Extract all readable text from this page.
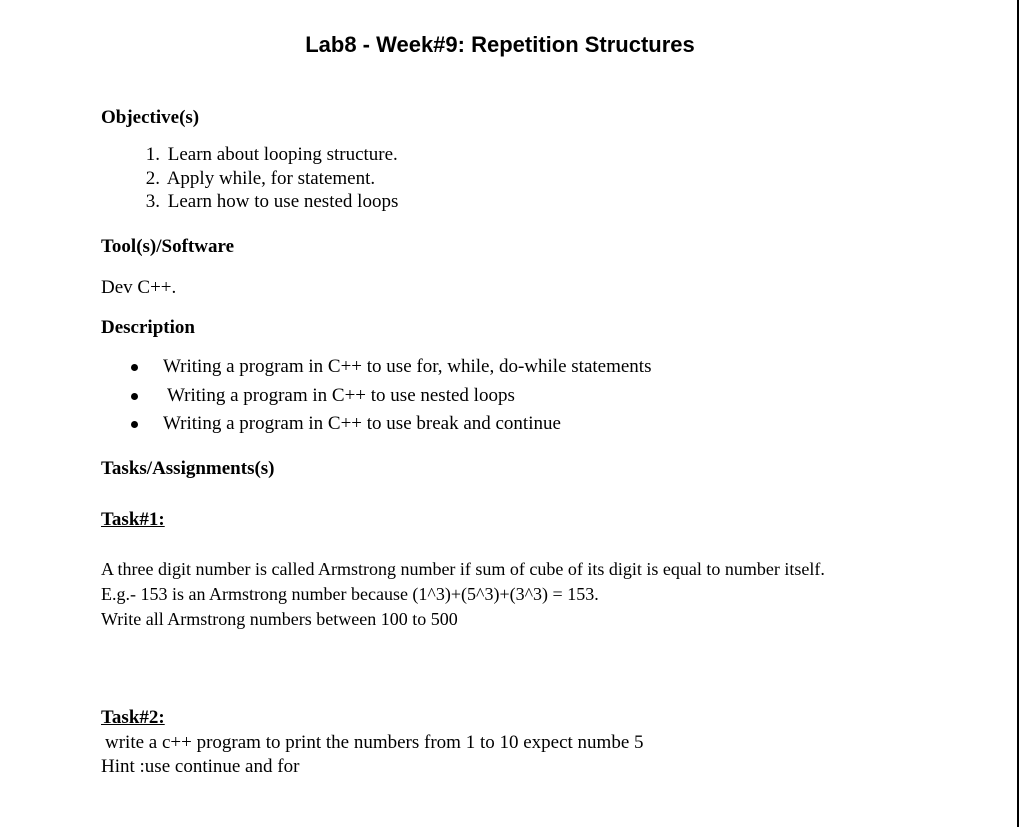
Lab8 - Week#9: Repetition Structures
Objective(s)
1. Learn about looping structure.
2. Apply while, for statement.
3. Learn how to use nested loops
Tool(s)/Software
Dev C++.
Description
Writing a program in C++ to use for, while, do-while statements
Writing a program in C++ to use nested loops
Writing a program in C++ to use break and continue
Tasks/Assignments(s)
Task#1:
A three digit number is called Armstrong number if sum of cube of its digit is equal to number itself.
E.g.- 153 is an Armstrong number because (1^3)+(5^3)+(3^3) = 153.
Write all Armstrong numbers between 100 to 500
Task#2:
write a c++ program to print the numbers from 1 to 10 expect numbe 5
Hint :use continue and for
